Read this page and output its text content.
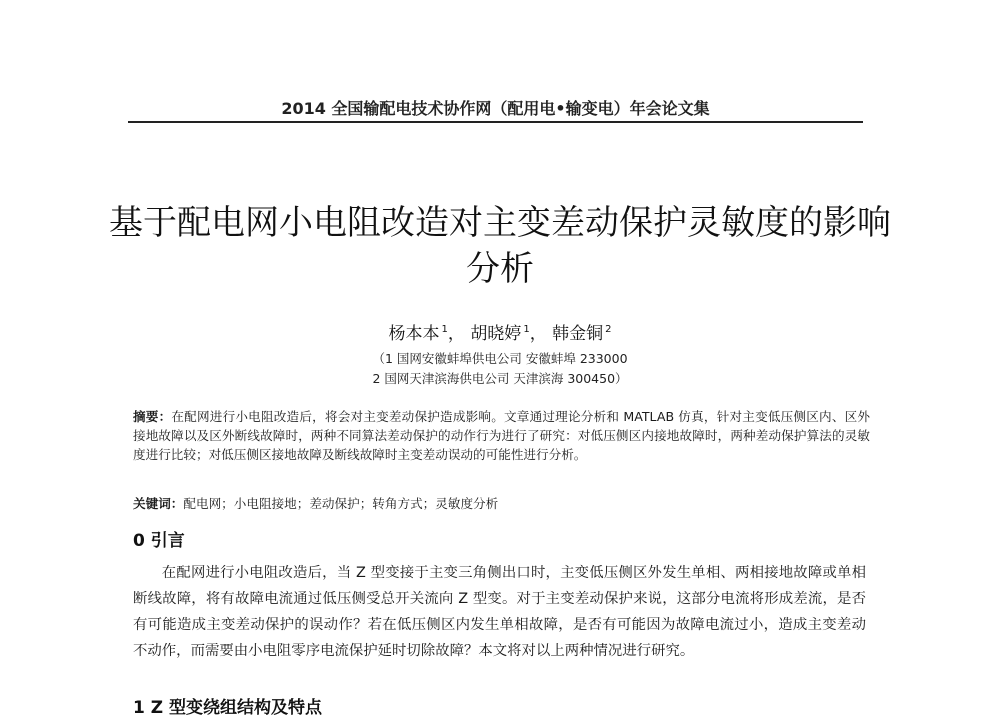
2014 全国输配电技术协作网（配用电•输变电）年会论文集
基于配电网小电阻改造对主变差动保护灵敏度的影响分析
杨本本 $^1$， 胡晓婷 $^1$， 韩金铜 $^2$
（1 国网安徽蚌埠供电公司 安徽蚌埠 233000
2 国网天津滨海供电公司 天津滨海 300450）
摘要：在配网进行小电阻改造后，将会对主变差动保护造成影响。文章通过理论分析和 MATLAB 仿真，针对主变低压侧区内、区外接地故障以及区外断线故障时，两种不同算法差动保护的动作行为进行了研究：对低压侧区内接地故障时，两种差动保护算法的灵敏度进行比较；对低压侧区接地故障及断线故障时主变差动误动的可能性进行分析。
关键词：配电网；小电阻接地；差动保护；转角方式；灵敏度分析
0 引言

在配网进行小电阻改造后，当 Z 型变接于主变三角侧出口时，主变低压侧区外发生单相、两相接地故障或单相断线故障，将有故障电流通过低压侧受总开关流向 Z 型变。对于主变差动保护来说，这部分电流将形成差流，是否有可能造成主变差动保护的误动作？若在低压侧区内发生单相故障，是否有可能因为故障电流过小，造成主变差动不动作，而需要由小电阻零序电流保护延时切除故障？本文将对以上两种情况进行研究。

1 Z 型变绕组结构及特点
